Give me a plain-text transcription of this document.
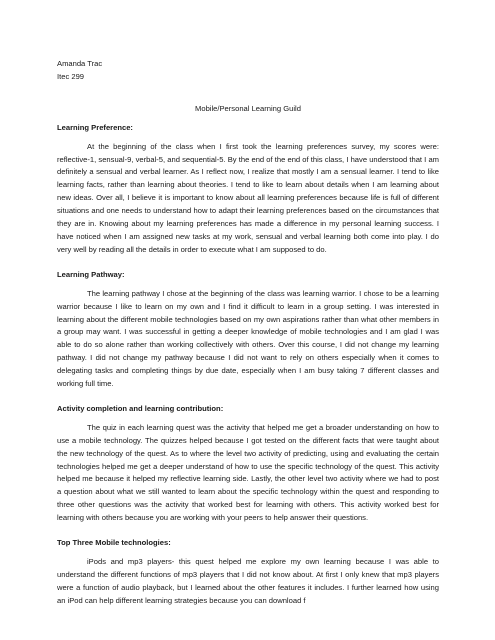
Amanda Trac
Itec 299

Mobile/Personal Learning Guild

Learning Preference:

At the beginning of the class when I first took the learning preferences survey, my scores were: reflective-1, sensual-9, verbal-5, and sequential-5. By the end of the end of this class, I have understood that I am definitely a sensual and verbal learner. As I reflect now, I realize that mostly I am a sensual learner. I tend to like learning facts, rather than learning about theories. I tend to like to learn about details when I am learning about new ideas. Over all, I believe it is important to know about all learning preferences because life is full of different situations and one needs to understand how to adapt their learning preferences based on the circumstances that they are in. Knowing about my learning preferences has made a difference in my personal learning success. I have noticed when I am assigned new tasks at my work, sensual and verbal learning both come into play. I do very well by reading all the details in order to execute what I am supposed to do.

Learning Pathway:

The learning pathway I chose at the beginning of the class was learning warrior. I chose to be a learning warrior because I like to learn on my own and I find it difficult to learn in a group setting. I was interested in learning about the different mobile technologies based on my own aspirations rather than what other members in a group may want. I was successful in getting a deeper knowledge of mobile technologies and I am glad I was able to do so alone rather than working collectively with others. Over this course, I did not change my learning pathway. I did not change my pathway because I did not want to rely on others especially when it comes to delegating tasks and completing things by due date, especially when I am busy taking 7 different classes and working full time.

Activity completion and learning contribution:

The quiz in each learning quest was the activity that helped me get a broader understanding on how to use a mobile technology. The quizzes helped because I got tested on the different facts that were taught about the new technology of the quest. As to where the level two activity of predicting, using and evaluating the certain technologies helped me get a deeper understand of how to use the specific technology of the quest. This activity helped me because it helped my reflective learning side. Lastly, the other level two activity where we had to post a question about what we still wanted to learn about the specific technology within the quest and responding to three other questions was the activity that worked best for learning with others. This activity worked best for learning with others because you are working with your peers to help answer their questions.

Top Three Mobile technologies:

iPods and mp3 players- this quest helped me explore my own learning because I was able to understand the different functions of mp3 players that I did not know about. At first I only knew that mp3 players were a function of audio playback, but I learned about the other features it includes. I further learned how using an iPod can help different learning strategies because you can download f
